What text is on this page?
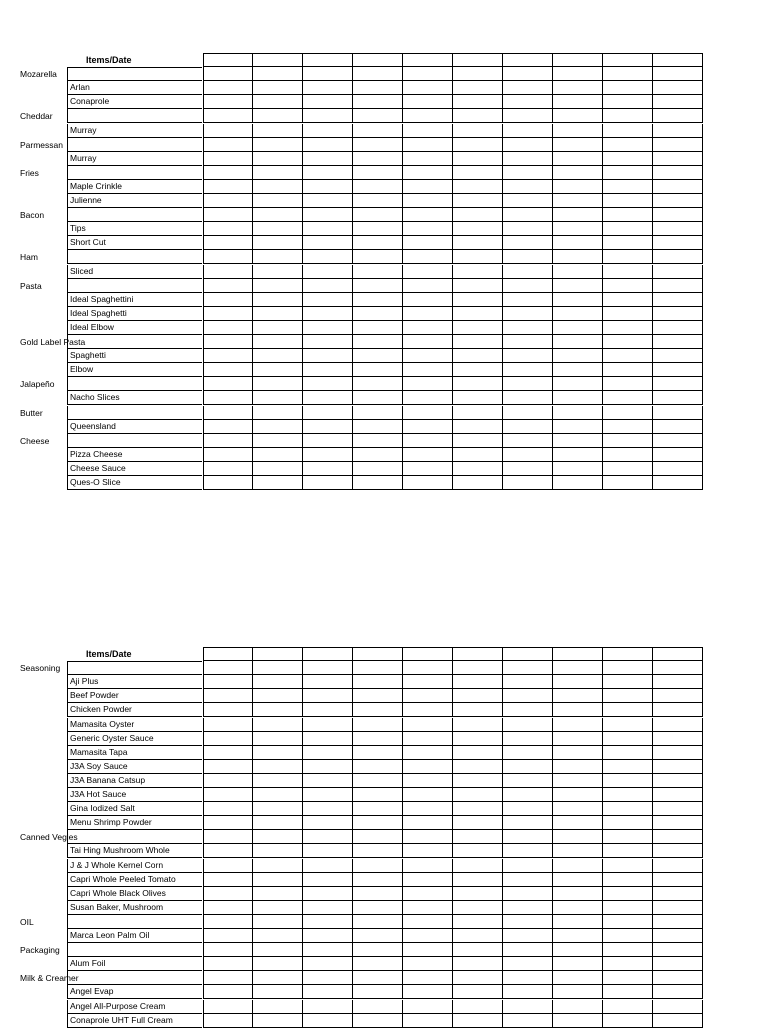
Items/Date
Mozarella
Arlan
Conaprole
Cheddar
Murray
Parmessan
Murray
Fries
Maple Crinkle
Julienne
Bacon
Tips
Short Cut
Ham
Sliced
Pasta
Ideal Spaghettini
Ideal Spaghetti
Ideal Elbow
Gold Label Pasta
Spaghetti
Elbow
Jalapeño
Nacho Slices
Butter
Queensland
Cheese
Pizza Cheese
Cheese Sauce
Ques-O Slice
Items/Date
Seasoning
Aji Plus
Beef Powder
Chicken Powder
Mamasita Oyster
Generic Oyster Sauce
Mamasita Tapa
J3A Soy Sauce
J3A Banana Catsup
J3A Hot Sauce
Gina Iodized Salt
Menu Shrimp Powder
Canned Vegies
Tai Hing Mushroom Whole
J & J Whole Kernel Corn
Capri Whole Peeled Tomato
Capri Whole Black Olives
Susan Baker, Mushroom
OIL
Marca Leon Palm Oil
Packaging
Alum Foil
Milk & Creamer
Angel Evap
Angel All-Purpose Cream
Conaprole UHT Full Cream
